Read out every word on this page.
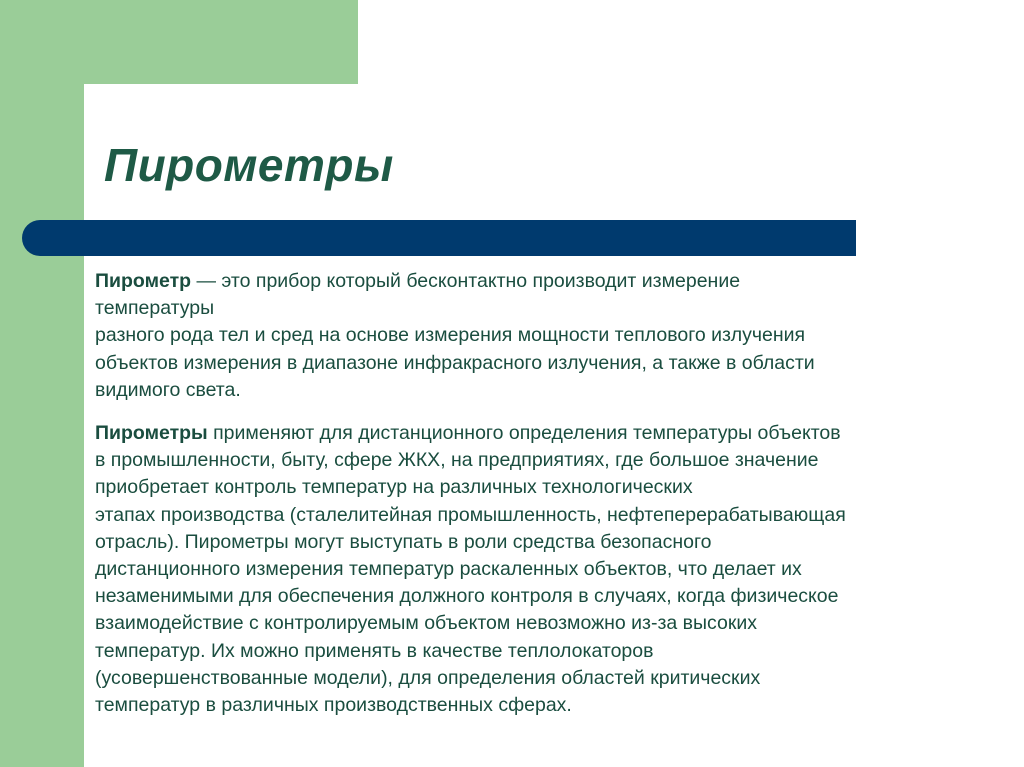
Пирометры

Пирометр — это прибор который бесконтактно производит измерение
температуры
разного рода тел и сред на основе измерения мощности теплового излучения
объектов измерения в диапазоне инфракрасного излучения, а также в области
видимого света.

Пирометры применяют для дистанционного определения температуры объектов
в промышленности, быту, сфере ЖКХ, на предприятиях, где большое значение
приобретает контроль температур на различных технологических
этапах производства (сталелитейная промышленность, нефтеперерабатывающая
отрасль). Пирометры могут выступать в роли средства безопасного
дистанционного измерения температур раскаленных объектов, что делает их
незаменимыми для обеспечения должного контроля в случаях, когда физическое
взаимодействие с контролируемым объектом невозможно из-за высоких
температур. Их можно применять в качестве теплолокаторов
(усовершенствованные модели), для определения областей критических
температур в различных производственных сферах.
